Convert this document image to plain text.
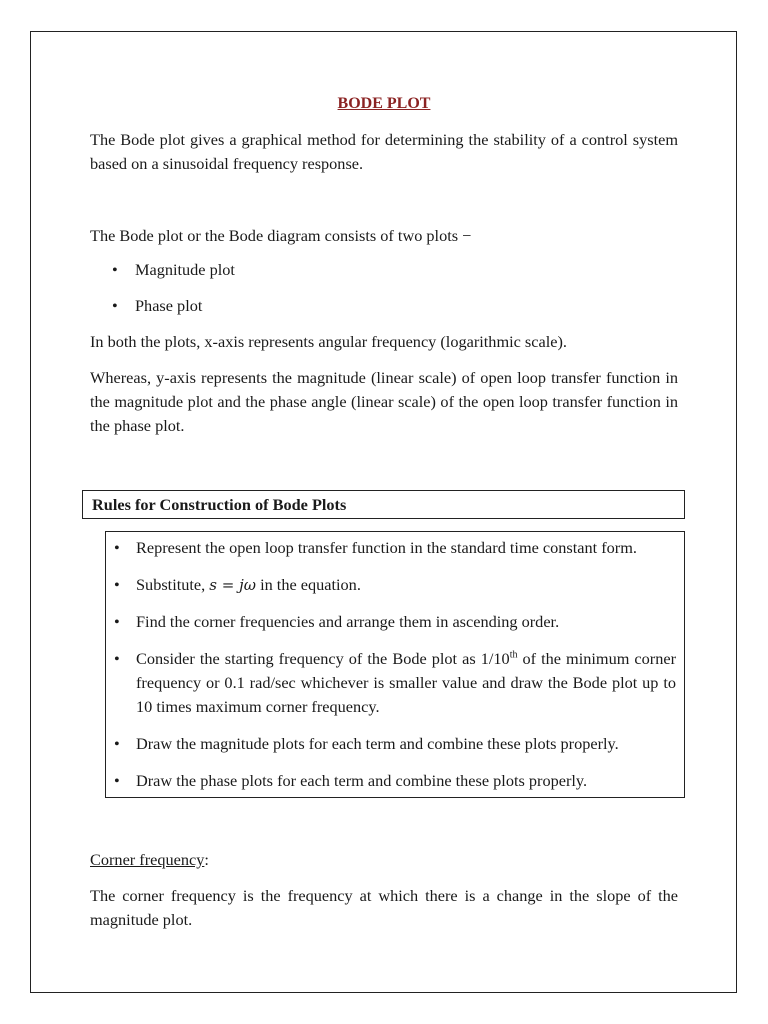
BODE PLOT

The Bode plot gives a graphical method for determining the stability of a control system based on a sinusoidal frequency response.

The Bode plot or the Bode diagram consists of two plots −

• Magnitude plot
• Phase plot

In both the plots, x-axis represents angular frequency (logarithmic scale).

Whereas, y-axis represents the magnitude (linear scale) of open loop transfer function in the magnitude plot and the phase angle (linear scale) of the open loop transfer function in the phase plot.

Rules for Construction of Bode Plots
• Represent the open loop transfer function in the standard time constant form.
• Substitute, s = jω in the equation.
• Find the corner frequencies and arrange them in ascending order.
• Consider the starting frequency of the Bode plot as 1/10th of the minimum corner frequency or 0.1 rad/sec whichever is smaller value and draw the Bode plot up to 10 times maximum corner frequency.
• Draw the magnitude plots for each term and combine these plots properly.
• Draw the phase plots for each term and combine these plots properly.

Corner frequency:

The corner frequency is the frequency at which there is a change in the slope of the magnitude plot.
